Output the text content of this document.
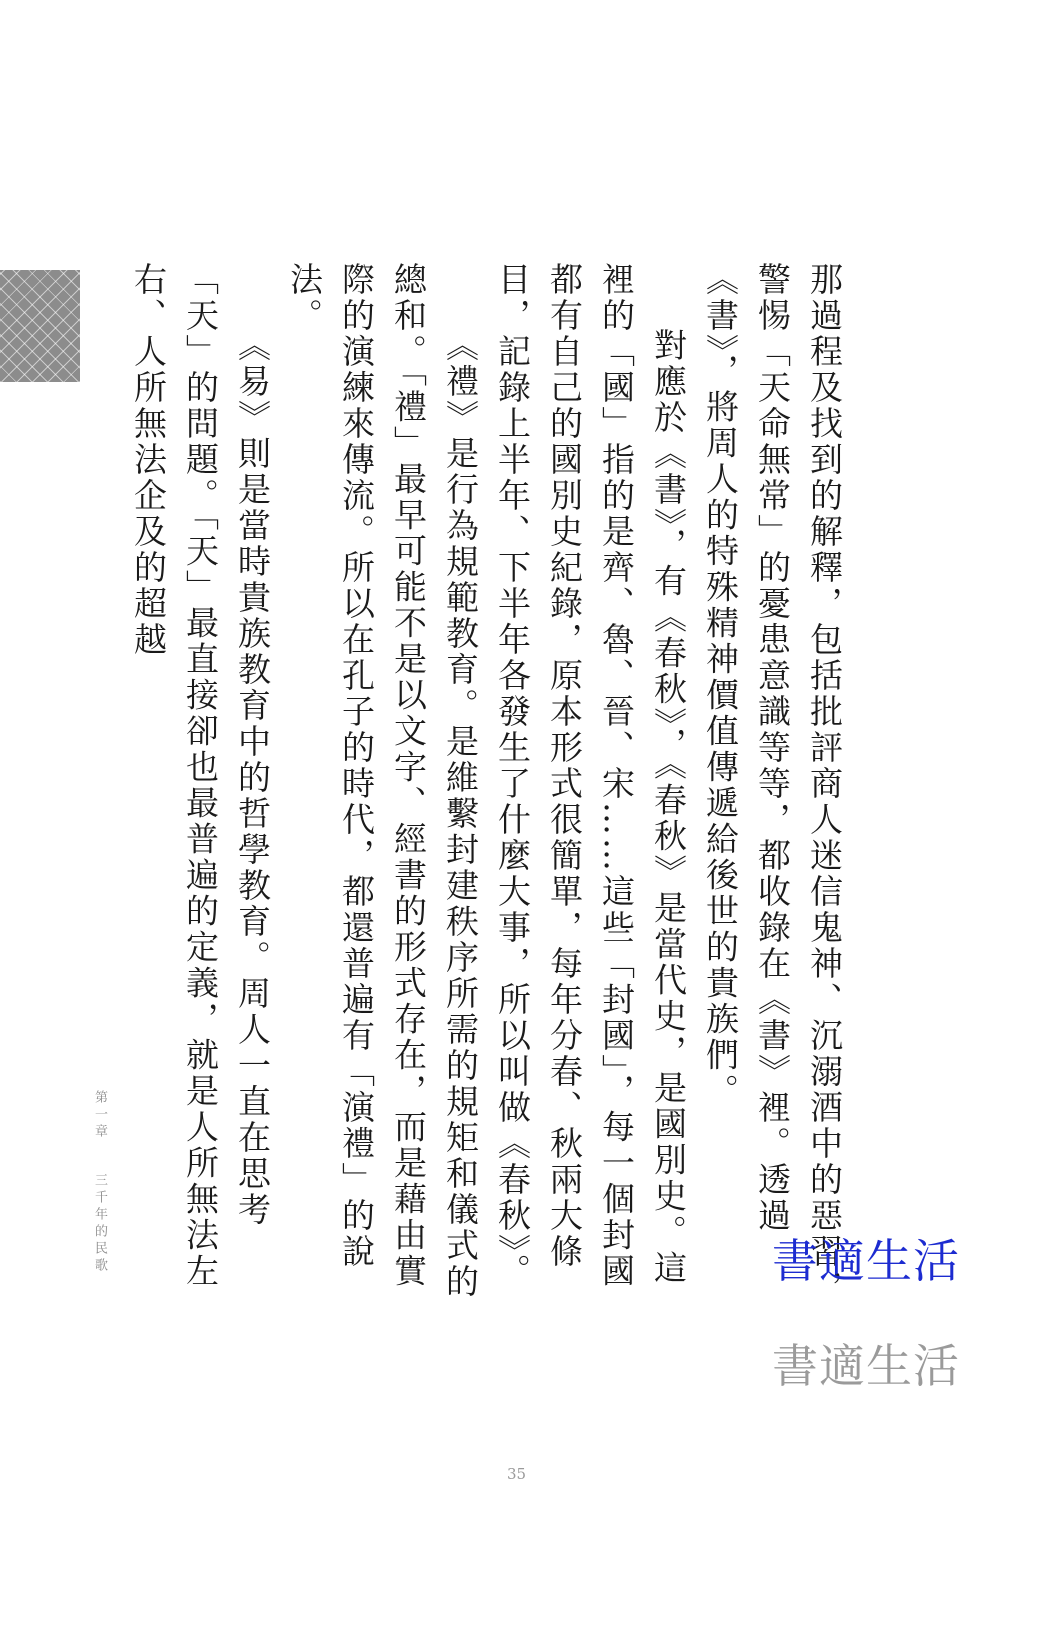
那過程及找到的解釋，包括批評商人迷信鬼神、沉溺酒中的惡習，警惕「天命無常」的憂患意識等等，都收錄在《書》裡。透過《書》，將周人的特殊精神價值傳遞給後世的貴族們。

對應於《書》，有《春秋》，《春秋》是當代史，是國別史。這裡的「國」指的是齊、魯、晉、宋……這些「封國」，每一個封國都有自己的國別史紀錄，原本形式很簡單，每年分春、秋兩大條目，記錄上半年、下半年各發生了什麼大事，所以叫做《春秋》。

《禮》是行為規範教育。是維繫封建秩序所需的規矩和儀式的總和。「禮」最早可能不是以文字、經書的形式存在，而是藉由實際的演練來傳流。所以在孔子的時代，都還普遍有「演禮」的說法。

《易》則是當時貴族教育中的哲學教育。周人一直在思考「天」的問題。「天」最直接卻也最普遍的定義，就是人所無法左右、人所無法企及的超越

第一章
三千年的民歌
35
書適生活
書適生活
